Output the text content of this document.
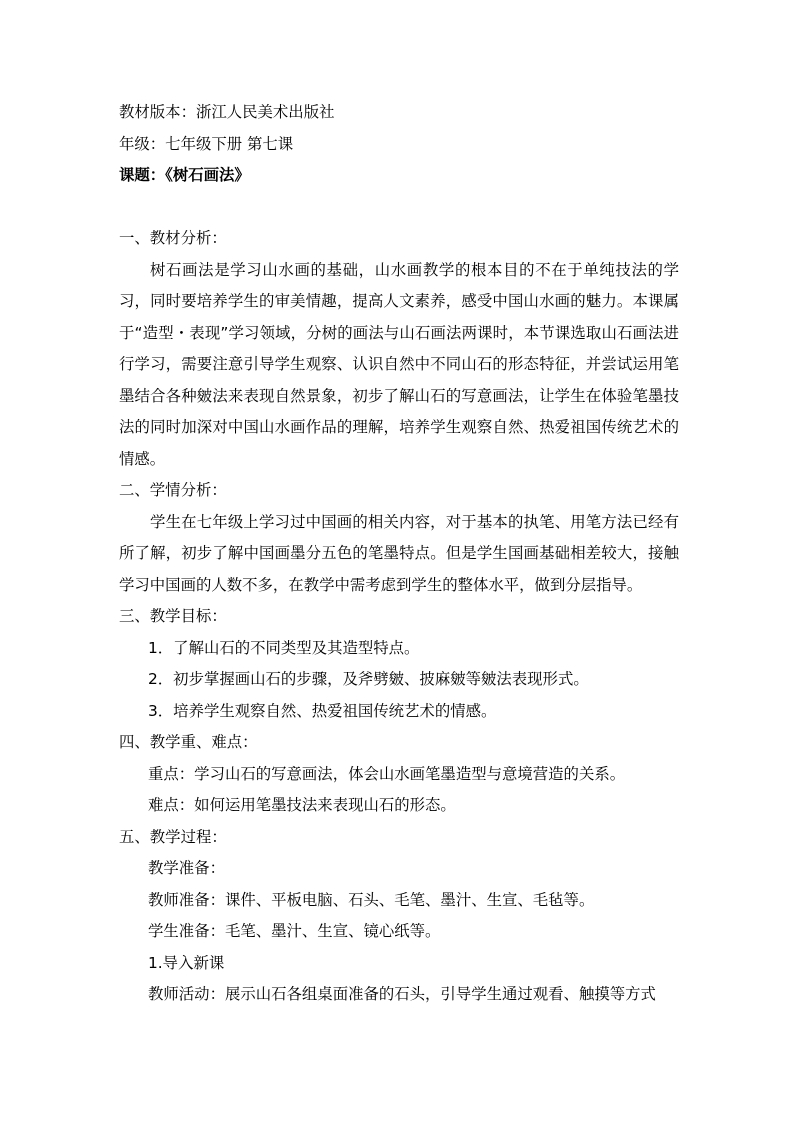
教材版本：浙江人民美术出版社
年级：七年级下册 第七课
课题：《树石画法》
一、教材分析：

树石画法是学习山水画的基础，山水画教学的根本目的不在于单纯技法的学习，同时要培养学生的审美情趣，提高人文素养，感受中国山水画的魅力。本课属于“造型・表现”学习领域，分树的画法与山石画法两课时，本节课选取山石画法进行学习，需要注意引导学生观察、认识自然中不同山石的形态特征，并尝试运用笔墨结合各种皴法来表现自然景象，初步了解山石的写意画法，让学生在体验笔墨技法的同时加深对中国山水画作品的理解，培养学生观察自然、热爱祖国传统艺术的情感。

二、学情分析：

学生在七年级上学习过中国画的相关内容，对于基本的执笔、用笔方法已经有所了解，初步了解中国画墨分五色的笔墨特点。但是学生国画基础相差较大，接触学习中国画的人数不多，在教学中需考虑到学生的整体水平，做到分层指导。

三、教学目标：
1．了解山石的不同类型及其造型特点。
2．初步掌握画山石的步骤，及斧劈皴、披麻皴等皴法表现形式。
3．培养学生观察自然、热爱祖国传统艺术的情感。
四、教学重、难点：
重点：学习山石的写意画法，体会山水画笔墨造型与意境营造的关系。
难点：如何运用笔墨技法来表现山石的形态。
五、教学过程：
教学准备：
教师准备：课件、平板电脑、石头、毛笔、墨汁、生宣、毛毡等。
学生准备：毛笔、墨汁、生宣、镜心纸等。
1.导入新课
教师活动：展示山石各组桌面准备的石头，引导学生通过观看、触摸等方式
